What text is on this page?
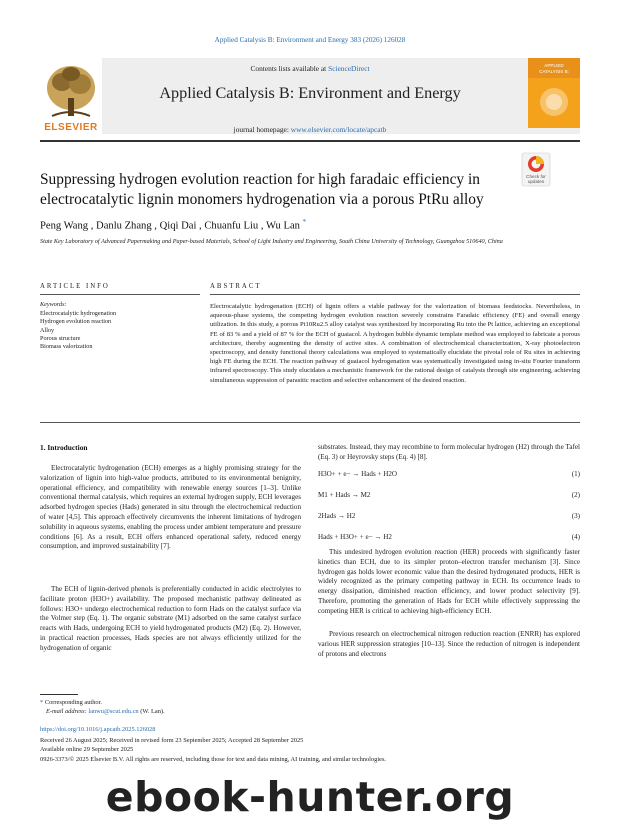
Applied Catalysis B: Environment and Energy 383 (2026) 126028
ELSEVIER
Contents lists available at ScienceDirect
Applied Catalysis B: Environment and Energy
journal homepage: www.elsevier.com/locate/apcatb
APPLIED
CATALYSIS B:
Suppressing hydrogen evolution reaction for high faradaic efficiency in electrocatalytic lignin monomers hydrogenation via a porous PtRu alloy
Check for updates
Peng Wang , Danlu Zhang , Qiqi Dai , Chuanfu Liu , Wu Lan *
State Key Laboratory of Advanced Papermaking and Paper-based Materials, School of Light Industry and Engineering, South China University of Technology, Guangzhou 510640, China
ARTICLE INFO	ABSTRACT
Keywords:
Electrocatalytic hydrogenation
Hydrogen evolution reaction
Alloy
Porous structure
Biomass valorization
Electrocatalytic hydrogenation (ECH) of lignin offers a viable pathway for the valorization of biomass feedstocks. Nevertheless, in aqueous-phase systems, the competing hydrogen evolution reaction severely constrains Faradaic efficiency (FE) and overall energy utilization. In this study, a porous Pt10Ru2.5 alloy catalyst was synthesized by incorporating Ru into the Pt lattice, achieving an exceptional FE of 83 % and a yield of 87 % for the ECH of guaiacol. A hydrogen bubble dynamic template method was employed to fabricate a porous architecture, thereby augmenting the density of active sites. A combination of electrochemical characterization, X-ray photoelectron spectroscopy, and density functional theory calculations was employed to systematically elucidate the pivotal role of Ru sites in achieving high FE during the ECH. The reaction pathway of guaiacol hydrogenation was systematically investigated using in-situ Fourier transform infrared spectroscopy. This study elucidates a mechanistic framework for the rational design of catalysts through site engineering, achieving simultaneous suppression of parasitic reaction and selective enhancement of the desired reaction.
1. Introduction
Electrocatalytic hydrogenation (ECH) emerges as a highly promising strategy for the valorization of lignin into high-value products, attributed to its environmental benignity, operational efficiency, and compatibility with renewable energy sources [1–3]. Unlike conventional thermal catalysis, which requires an external hydrogen supply, ECH leverages adsorbed hydrogen species (Hads) generated in situ through the electrochemical reduction of water [4,5]. This approach effectively circumvents the inherent limitations of hydrogen solubility in aqueous systems, enabling the process under ambient temperature and pressure conditions [6]. As a result, ECH offers enhanced operational safety, reduced energy consumption, and improved sustainability [7].
The ECH of lignin-derived phenols is preferentially conducted in acidic electrolytes to facilitate proton (H3O+) availability. The proposed mechanistic pathway delineated as follows: H3O+ undergo electrochemical reduction to form Hads on the catalyst surface via the Volmer step (Eq. 1). The organic substrate (M1) adsorbed on the same catalyst surface reacts with Hads, undergoing ECH to yield hydrogenated products (M2) (Eq. 2). However, in practical reaction processes, Hads species are not always efficiently utilized for the hydrogenation of organic
substrates. Instead, they may recombine to form molecular hydrogen (H2) through the Tafel (Eq. 3) or Heyrovsky steps (Eq. 4) [8].
H3O+ + e− → Hads + H2O	(1)
M1 + Hads → M2	(2)
2Hads → H2	(3)
Hads + H3O+ + e− → H2	(4)
This undesired hydrogen evolution reaction (HER) proceeds with significantly faster kinetics than ECH, due to its simpler proton–electron transfer mechanism [3]. Since hydrogen gas holds lower economic value than the desired hydrogenated products, HER is widely recognized as the primary competing pathway in ECH. Its occurrence leads to energy dissipation, diminished reaction efficiency, and lower product selectivity [9]. Therefore, promoting the generation of Hads for ECH while effectively suppressing the competing HER is critical to achieving high-efficiency ECH.
Previous research on electrochemical nitrogen reduction reaction (ENRR) has explored various HER suppression strategies [10–13]. Since the reduction of nitrogen is independent of protons and electrons
* Corresponding author.
E-mail address: lanwu@scut.edu.cn (W. Lan).
https://doi.org/10.1016/j.apcatb.2025.126028
Received 26 August 2025; Received in revised form 23 September 2025; Accepted 28 September 2025
Available online 29 September 2025
0926-3373/© 2025 Elsevier B.V. All rights are reserved, including those for text and data mining, AI training, and similar technologies.
ebook-hunter.org
